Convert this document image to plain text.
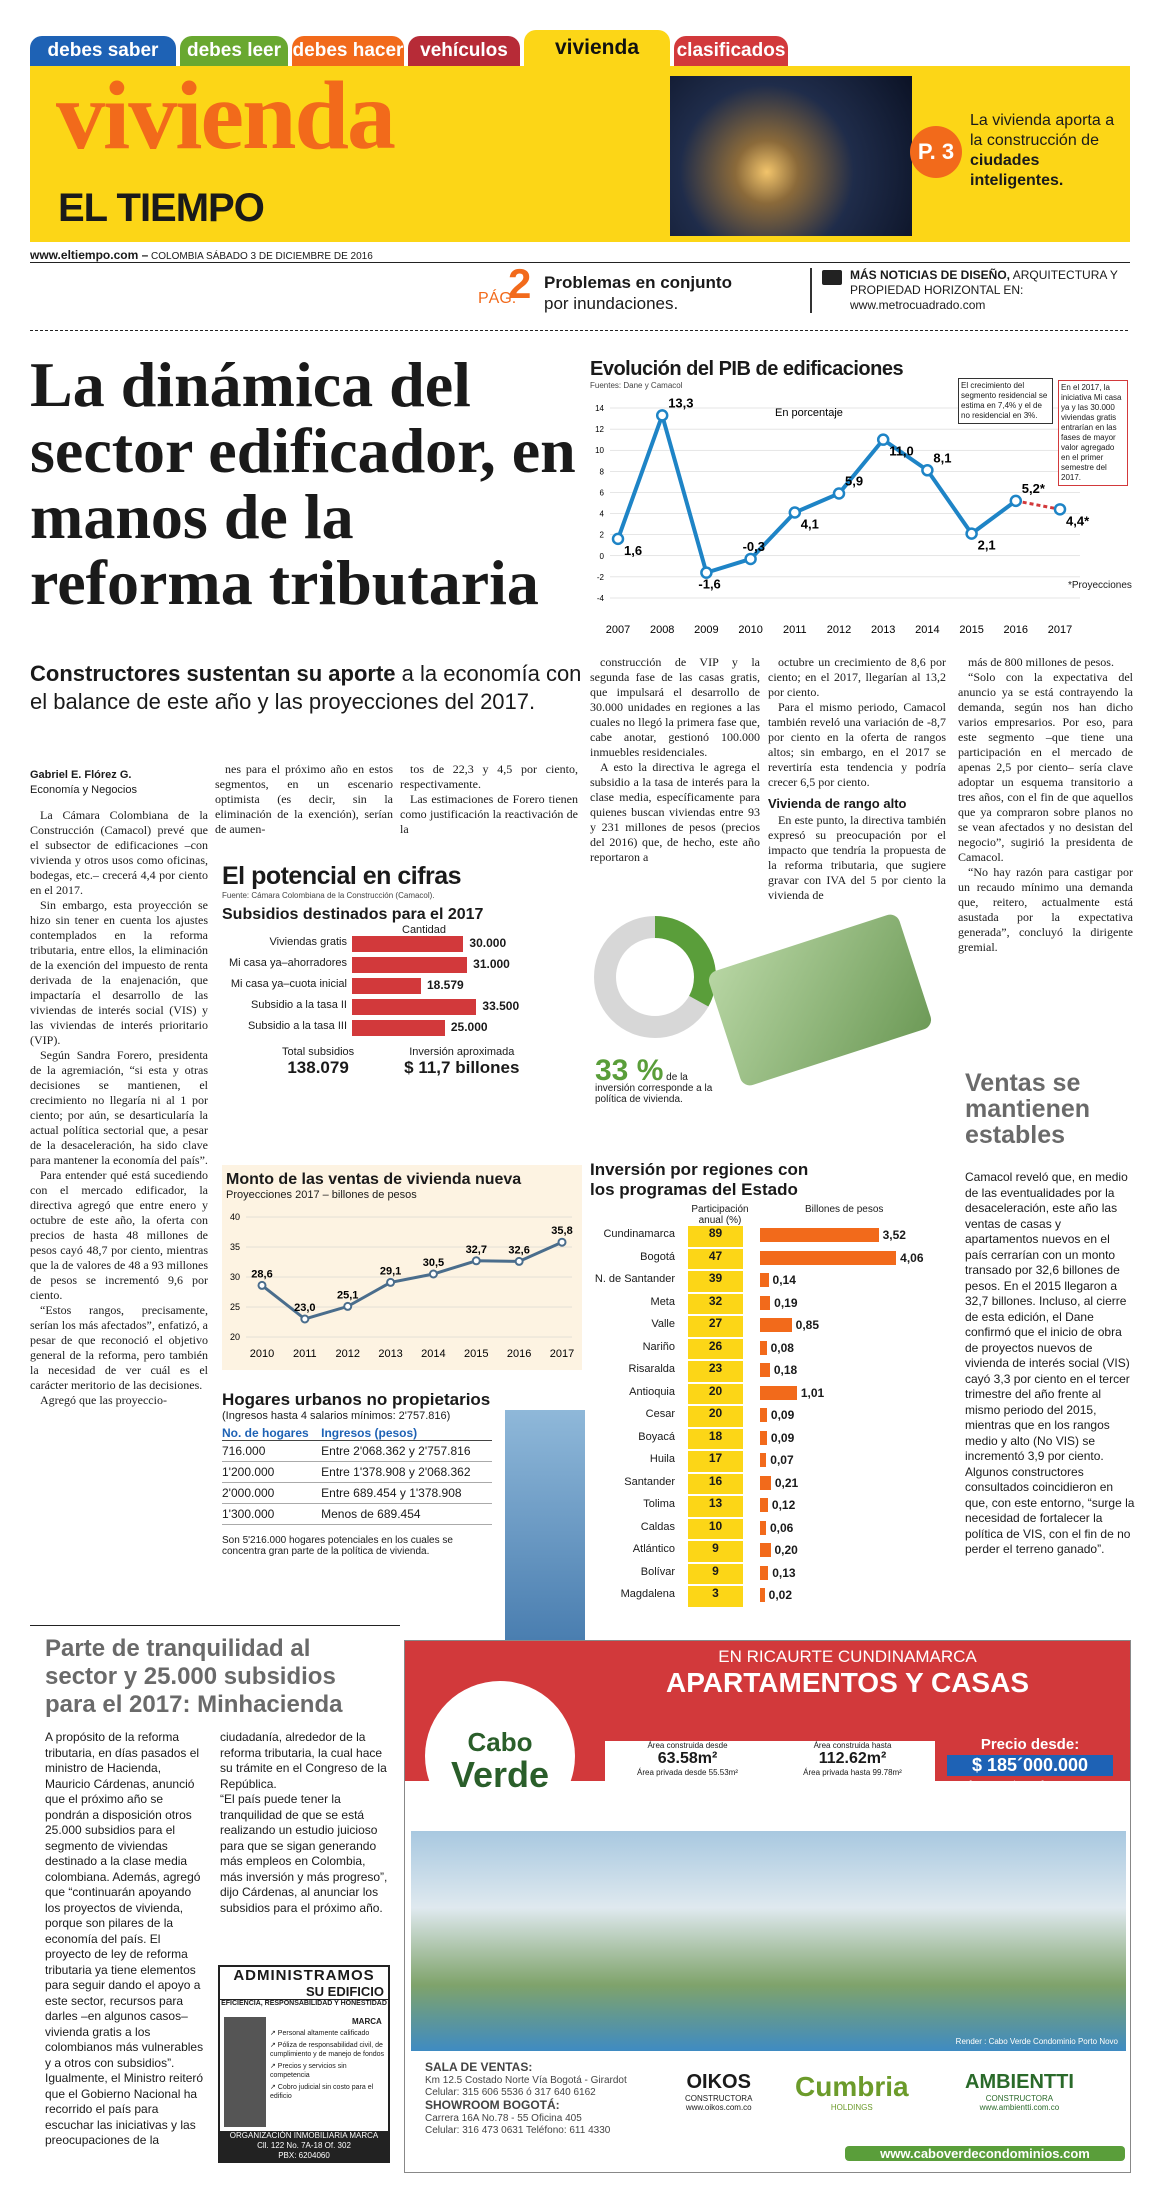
debes saber	debes leer debes hacer vehículos	vivienda	clasificados
vivienda
EL TIEMPO
P. 3
La vivienda aporta a la construcción de ciudades inteligentes.
www.eltiempo.com – COLOMBIA SÁBADO 3 DE DICIEMBRE DE 2016
PÁG.
2 Problemas en conjunto
por inundaciones.
MÁS NOTICIAS DE DISEÑO, ARQUITECTURA Y PROPIEDAD HORIZONTAL EN:
www.metrocuadrado.com
La dinámica del sector edificador, en manos de la reforma tributaria
Constructores sustentan su aporte a la economía con el balance de este año y las proyecciones del 2017.
Gabriel E. Flórez G.
Economía y Negocios

La Cámara Colombiana de la Construcción (Camacol) prevé que el subsector de edificaciones –con vivienda y otros usos como oficinas, bodegas, etc.– crecerá 4,4 por ciento en el 2017.

Sin embargo, esta proyección se hizo sin tener en cuenta los ajustes contemplados en la reforma tributaria, entre ellos, la eliminación de la exención del impuesto de renta derivada de la enajenación, que impactaría el desarrollo de las viviendas de interés social (VIS) y las viviendas de interés prioritario (VIP).

Según Sandra Forero, presidenta de la agremiación, “si esta y otras decisiones se mantienen, el crecimiento no llegaría ni al 1 por ciento; por aún, se desarticularía la actual política sectorial que, a pesar de la desaceleración, ha sido clave para mantener la economía del país”.

Para entender qué está sucediendo con el mercado edificador, la directiva agregó que entre enero y octubre de este año, la oferta con precios de hasta 48 millones de pesos cayó 48,7 por ciento, mientras que la de valores de 48 a 93 millones de pesos se incrementó 9,6 por ciento.

“Estos rangos, precisamente, serían los más afectados”, enfatizó, a pesar de que reconoció el objetivo general de la reforma, pero también la necesidad de ver cuál es el carácter meritorio de las decisiones.

Agregó que las proyeccio-

nes para el próximo año en estos segmentos, en un escenario optimista (es decir, sin la eliminación de la exención), serían de aumen-

tos de 22,3 y 4,5 por ciento, respectivamente.

Las estimaciones de Forero tienen como justificación la reactivación de la

construcción de VIP y la segunda fase de las casas gratis, que impulsará el desarrollo de 30.000 unidades en regiones a las cuales no llegó la primera fase que, cabe anotar, gestionó 100.000 inmuebles residenciales.

A esto la directiva le agrega el subsidio a la tasa de interés para la clase media, específicamente para quienes buscan viviendas entre 93 y 231 millones de pesos (precios del 2016) que, de hecho, este año reportaron a

octubre un crecimiento de 8,6 por ciento; en el 2017, llegarían al 13,2 por ciento.

Para el mismo periodo, Camacol también reveló una variación de -8,7 por ciento en la oferta de rangos altos; sin embargo, en el 2017 se revertiría esta tendencia y podría crecer 6,5 por ciento.

Vivienda de rango alto

En este punto, la directiva también expresó su preocupación por el impacto que tendría la propuesta de la reforma tributaria, que sugiere gravar con IVA del 5 por ciento la vivienda de

más de 800 millones de pesos.

“Solo con la expectativa del anuncio ya se está contrayendo la demanda, según nos han dicho varios empresarios. Por eso, para este segmento –que tiene una participación en el mercado de apenas 2,5 por ciento– sería clave adoptar un esquema transitorio a tres años, con el fin de que aquellos que ya compraron sobre planos no se vean afectados y no desistan del negocio”, sugirió la presidenta de Camacol.

“No hay razón para castigar por un recaudo mínimo una demanda que, reitero, actualmente está asustada por la expectativa generada”, concluyó la dirigente gremial.

Evolución del PIB de edificaciones
Fuentes: Dane y Camacol
-4
-2
0
2
4
6
8
10
12
14
1,6
2007
13,3
2008
-1,6
2009
-0,3
2010
4,1
2011
5,9
2012
11,0
2013
8,1
2014
2,1
2015
5,2*
2016
4,4*
2017
En porcentaje
El crecimiento del segmento residencial se estima en 7,4% y el de no residencial en 3%.
En el 2017, la iniciativa Mi casa ya y las 30.000 viviendas gratis entrarían en las fases de mayor valor agregado en el primer semestre del 2017.
*Proyecciones
El potencial en cifras
Fuente: Cámara Colombiana de la Construcción (Camacol).
Subsidios destinados para el 2017
Cantidad
Viviendas gratis	30.000
Mi casa ya–ahorradores	31.000
Mi casa ya–cuota inicial	18.579
Subsidio a la tasa II	33.500
Subsidio a la tasa III	25.000
Total subsidios
138.079
Inversión aproximada
$ 11,7 billones	33 % de la inversión corresponde a la política de vivienda.
Monto de las ventas de vivienda nueva
Proyecciones 2017 – billones de pesos
20
25
30
35
40
28,6
2010
23,0
2011
25,1
2012
29,1
2013
30,5
2014
32,7
2015
32,6
2016
35,8
2017
Hogares urbanos no propietarios
(Ingresos hasta 4 salarios mínimos: 2'757.816)
No. de hogares	Ingresos (pesos)
716.000	Entre 2'068.362 y 2'757.816
1'200.000	Entre 1'378.908 y 2'068.362
2'000.000	Entre 689.454 y 1'378.908
1'300.000	Menos de 689.454
Son 5'216.000 hogares potenciales en los cuales se concentra gran parte de la política de vivienda.
Inversión por regiones con los programas del Estado
Participación anual (%)
Billones de pesos
Cundinamarca	89	3,52
Bogotá	47	4,06
N. de Santander	39	0,14
Meta	32	0,19
Valle	27	0,85
Nariño	26	0,08
Risaralda	23	0,18
Antioquia	20	1,01
Cesar	20	0,09
Boyacá	18	0,09
Huila	17	0,07
Santander	16	0,21
Tolima	13	0,12
Caldas	10	0,06
Atlántico	9	0,20
Bolívar	9	0,13
Magdalena	3	0,02
Ventas se mantienen estables
Camacol reveló que, en medio de las eventualidades por la desaceleración, este año las ventas de casas y apartamentos nuevos en el país cerrarían con un monto transado por 32,6 billones de pesos. En el 2015 llegaron a 32,7 billones. Incluso, al cierre de esta edición, el Dane confirmó que el inicio de obra de proyectos nuevos de vivienda de interés social (VIS) cayó 3,3 por ciento en el tercer trimestre del año frente al mismo periodo del 2015, mientras que en los rangos medio y alto (No VIS) se incrementó 3,9 por ciento. Algunos constructores consultados coincidieron en que, con este entorno, “surge la necesidad de fortalecer la política de VIS, con el fin de no perder el terreno ganado”.
Parte de tranquilidad al sector y 25.000 subsidios para el 2017: Minhacienda
A propósito de la reforma tributaria, en días pasados el ministro de Hacienda, Mauricio Cárdenas, anunció que el próximo año se pondrán a disposición otros 25.000 subsidios para el segmento de viviendas destinado a la clase media colombiana. Además, agregó que “continuarán apoyando los proyectos de vivienda, porque son pilares de la economía del país. El proyecto de ley de reforma tributaria ya tiene elementos para seguir dando el apoyo a este sector, recursos para darles –en algunos casos– vivienda gratis a los colombianos más vulnerables y a otros con subsidios”. Igualmente, el Ministro reiteró que el Gobierno Nacional ha recorrido el país para escuchar las iniciativas y las preocupaciones de la

ciudadanía, alrededor de la reforma tributaria, la cual hace su trámite en el Congreso de la República.

“El país puede tener la tranquilidad de que se está realizando un estudio juicioso para que se sigan generando más empleos en Colombia, más inversión y más progreso”, dijo Cárdenas, al anunciar los subsidios para el próximo año.

ADMINISTRAMOS
SU EDIFICIO
EFICIENCIA, RESPONSABILIDAD Y HONESTIDAD
MARCA
↗ Personal altamente calificado
↗ Póliza de responsabilidad civil, de cumplimiento y de manejo de fondos
↗ Precios y servicios sin competencia
↗ Cobro judicial sin costo para el edificio
ORGANIZACIÓN INMOBILIARIA MARCA
Cll. 122 No. 7A-18 Of. 302
PBX: 6204060
EN RICAURTE CUNDINAMARCA
APARTAMENTOS Y CASAS
Cabo
Verde
Área construida desde
63.58m²
Área privada desde 55.53m²
Área construida hasta
112.62m²
Área privada hasta 99.78m²
Precio desde:
$ 185´000.000
hasta: $405´305.000
Piscina privada (opcional)
Render : Cabo Verde Condominio Porto Novo
SALA DE VENTAS:
Km 12.5 Costado Norte Vía Bogotá - Girardot
Celular: 315 606 5536 ó 317 640 6162
SHOWROOM BOGOTÁ:
Carrera 16A No.78 - 55 Oficina 405
Celular: 316 473 0631 Teléfono: 611 4330
OIKOS
CONSTRUCTORA
www.oikos.com.co
Cumbria
HOLDINGS
AMBIENTTI
CONSTRUCTORA
www.ambientti.com.co
www.caboverdecondominios.com
